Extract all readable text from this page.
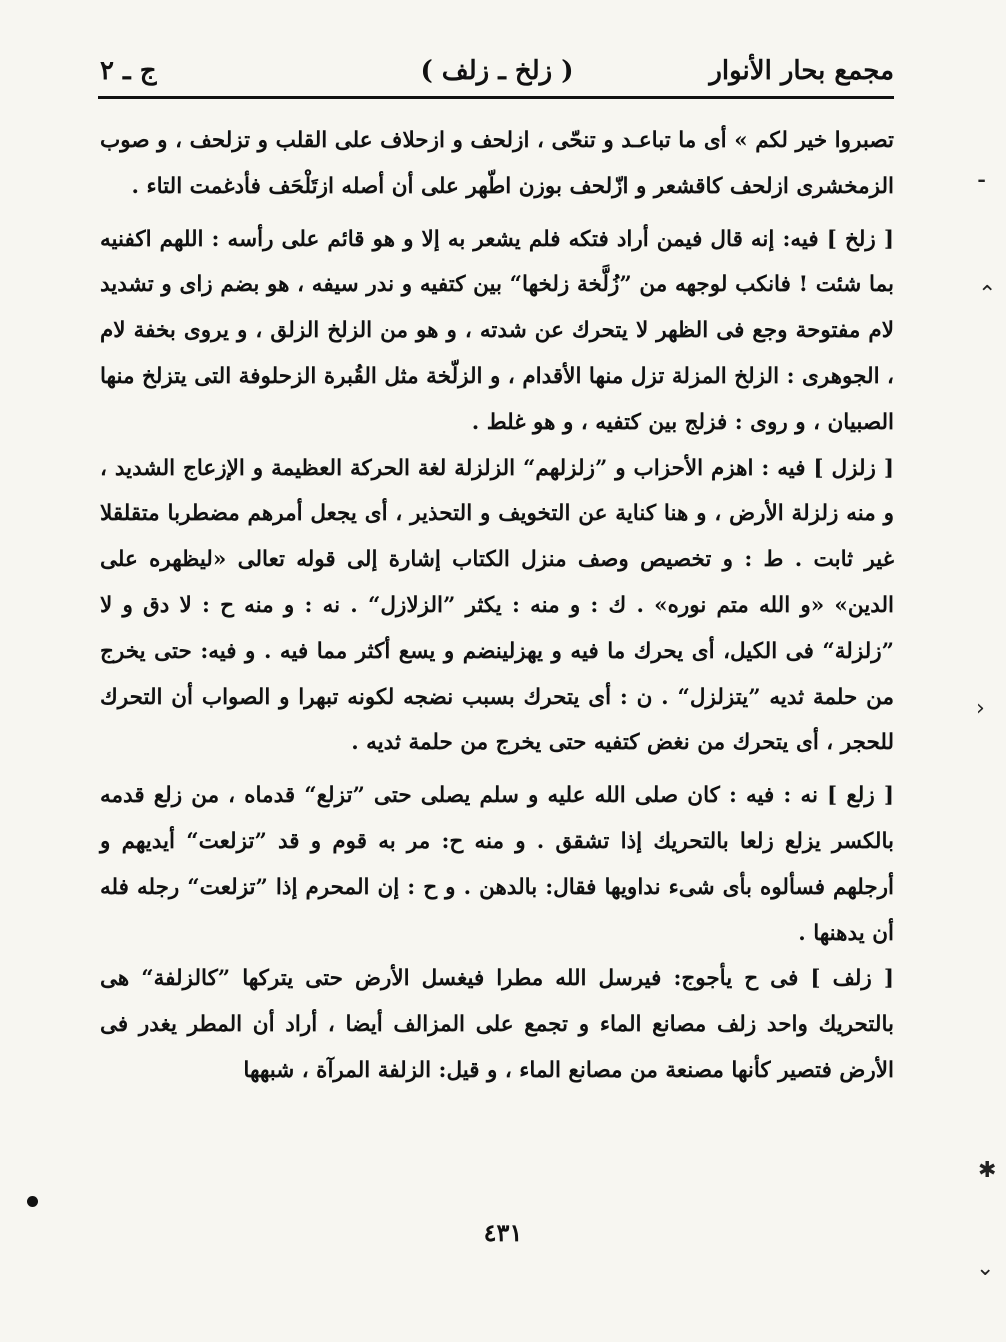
مجمع بحار الأنوار
( زلخ ـ زلف )
ج ـ ٢

تصبروا خير لكم » أى ما تباعـد و تنحّى ، ازلحف و ازحلاف على القلب و تزلحف ، و صوب الزمخشرى ازلحف كاقشعر و ازّلحف بوزن اطّهر على أن أصله ازتَلْحَف فأدغمت التاء .

[ زلخ ] فيه: إنه قال فيمن أراد فتكه فلم يشعر به إلا و هو قائم على رأسه : اللهم اكفنيه بما شئت ! فانكب لوجهه من ”زُلَّخة زلخها“ بين كتفيه و ندر سيفه ، هو بضم زاى و تشديد لام مفتوحة وجع فى الظهر لا يتحرك عن شدته ، و هو من الزلخ الزلق ، و يروى بخفة لام ، الجوهرى : الزلخ المزلة تزل منها الأقدام ، و الزلّخة مثل القُبرة الزحلوفة التى يتزلخ منها الصبيان ، و روى : فزلج بين كتفيه ، و هو غلط .

[ زلزل ] فيه : اهزم الأحزاب و ”زلزلهم“ الزلزلة لغة الحركة العظيمة و الإزعاج الشديد ، و منه زلزلة الأرض ، و هنا كناية عن التخويف و التحذير ، أى يجعل أمرهم مضطربا متقلقلا غير ثابت . ط : و تخصيص وصف منزل الكتاب إشارة إلى قوله تعالى «ليظهره على الدين» «و الله متم نوره» . ك : و منه : يكثر ”الزلازل“ . نه : و منه ح : لا دق و لا ”زلزلة“ فى الكيل، أى يحرك ما فيه و يهزلينضم و يسع أكثر مما فيه . و فيه: حتى يخرج من حلمة ثديه ”يتزلزل“ . ن : أى يتحرك بسبب نضجه لكونه تبهرا و الصواب أن التحرك للحجر ، أى يتحرك من نغض كتفيه حتى يخرج من حلمة ثديه .

[ زلع ] نه : فيه : كان صلى الله عليه و سلم يصلى حتى ”تزلع“ قدماه ، من زلع قدمه بالكسر يزلع زلعا بالتحريك إذا تشقق . و منه ح: مر به قوم و قد ”تزلعت“ أيديهم و أرجلهم فسألوه بأى شىء نداويها فقال: بالدهن . و ح : إن المحرم إذا ”تزلعت“ رجله فله أن يدهنها .

[ زلف ] فى ح يأجوج: فيرسل الله مطرا فيغسل الأرض حتى يتركها ”كالزلفة“ هى بالتحريك واحد زلف مصانع الماء و تجمع على المزالف أيضا ، أراد أن المطر يغدر فى الأرض فتصير كأنها مصنعة من مصانع الماء ، و قيل: الزلفة المرآة ، شبهها

٤٣١
⁃
⌃
›
✱
⌄
